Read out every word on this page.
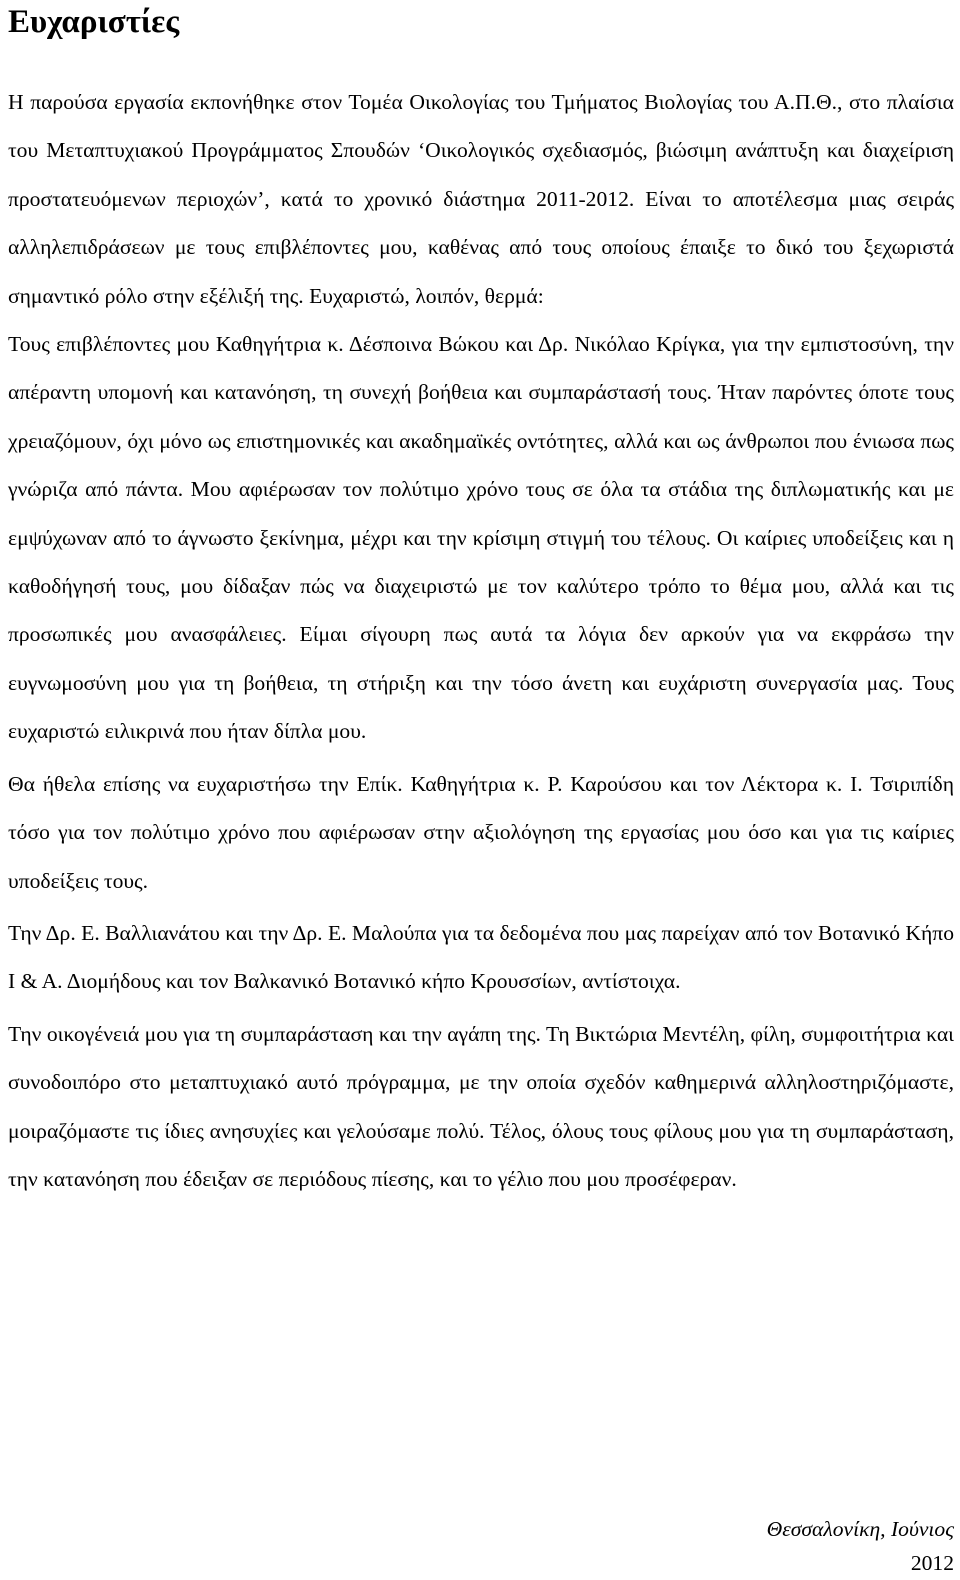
Ευχαριστίες

Η παρούσα εργασία εκπονήθηκε στον Τομέα Οικολογίας του Τμήματος Βιολογίας του Α.Π.Θ., στο πλαίσια του Μεταπτυχιακού Προγράμματος Σπουδών ‘Οικολογικός σχεδιασμός, βιώσιμη ανάπτυξη και διαχείριση προστατευόμενων περιοχών’, κατά το χρονικό διάστημα 2011-2012. Είναι το αποτέλεσμα μιας σειράς αλληλεπιδράσεων με τους επιβλέποντες μου, καθένας από τους οποίους έπαιξε το δικό του ξεχωριστά σημαντικό ρόλο στην εξέλιξή της. Ευχαριστώ, λοιπόν, θερμά:

Τους επιβλέποντες μου Καθηγήτρια κ. Δέσποινα Βώκου και Δρ. Νικόλαο Κρίγκα, για την εμπιστοσύνη, την απέραντη υπομονή και κατανόηση, τη συνεχή βοήθεια και συμπαράστασή τους. Ήταν παρόντες όποτε τους χρειαζόμουν, όχι μόνο ως επιστημονικές και ακαδημαϊκές οντότητες, αλλά και ως άνθρωποι που ένιωσα πως γνώριζα από πάντα. Μου αφιέρωσαν τον πολύτιμο χρόνο τους σε όλα τα στάδια της διπλωματικής και με εμψύχωναν από το άγνωστο ξεκίνημα, μέχρι και την κρίσιμη στιγμή του τέλους. Οι καίριες υποδείξεις και η καθοδήγησή τους, μου δίδαξαν πώς να διαχειριστώ με τον καλύτερο τρόπο το θέμα μου, αλλά και τις προσωπικές μου ανασφάλειες. Είμαι σίγουρη πως αυτά τα λόγια δεν αρκούν για να εκφράσω την ευγνωμοσύνη μου για τη βοήθεια, τη στήριξη και την τόσο άνετη και ευχάριστη συνεργασία μας. Τους ευχαριστώ ειλικρινά που ήταν δίπλα μου.

Θα ήθελα επίσης να ευχαριστήσω την Επίκ. Καθηγήτρια κ. Ρ. Καρούσου και τον Λέκτορα κ. Ι. Τσιριπίδη τόσο για τον πολύτιμο χρόνο που αφιέρωσαν στην αξιολόγηση της εργασίας μου όσο και για τις καίριες υποδείξεις τους.

Την Δρ. Ε. Βαλλιανάτου και την Δρ. Ε. Μαλούπα για τα δεδομένα που μας παρείχαν από τον Βοτανικό Κήπο Ι & Α. Διομήδους και τον Βαλκανικό Βοτανικό κήπο Κρουσσίων, αντίστοιχα.

Την οικογένειά μου για τη συμπαράσταση και την αγάπη της. Τη Βικτώρια Μεντέλη, φίλη, συμφοιτήτρια και συνοδοιπόρο στο μεταπτυχιακό αυτό πρόγραμμα, με την οποία σχεδόν καθημερινά αλληλοστηριζόμαστε, μοιραζόμαστε τις ίδιες ανησυχίες και γελούσαμε πολύ. Τέλος, όλους τους φίλους μου για τη συμπαράσταση, την κατανόηση που έδειξαν σε περιόδους πίεσης, και το γέλιο που μου προσέφεραν.

Θεσσαλονίκη, Ιούνιος
2012
